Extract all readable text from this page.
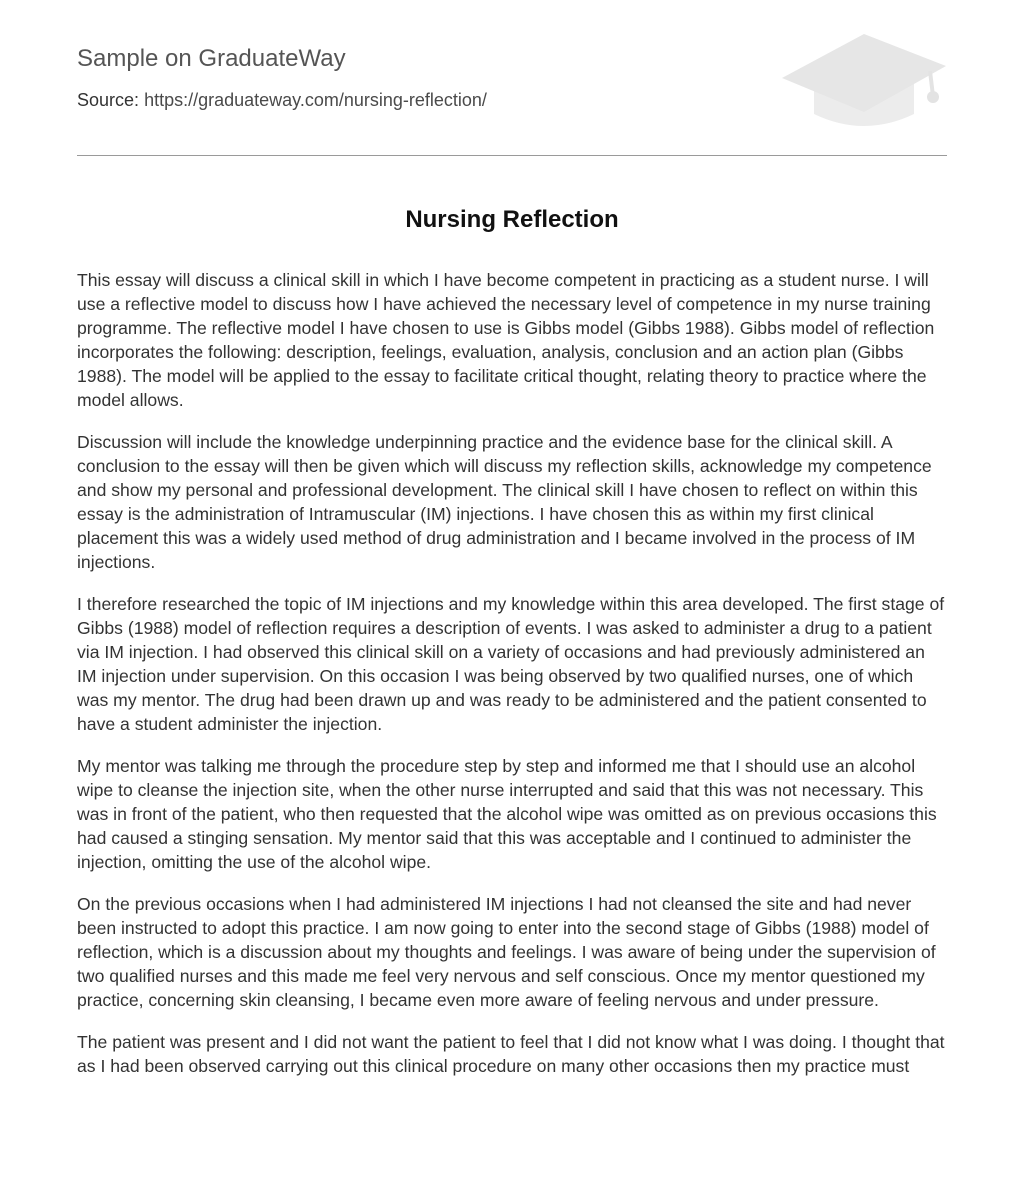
Sample on GraduateWay
Source: https://graduateway.com/nursing-reflection/
Nursing Reflection

This essay will discuss a clinical skill in which I have become competent in practicing as a student nurse. I will use a reflective model to discuss how I have achieved the necessary level of competence in my nurse training programme. The reflective model I have chosen to use is Gibbs model (Gibbs 1988). Gibbs model of reflection incorporates the following: description, feelings, evaluation, analysis, conclusion and an action plan (Gibbs 1988). The model will be applied to the essay to facilitate critical thought, relating theory to practice where the model allows.

Discussion will include the knowledge underpinning practice and the evidence base for the clinical skill. A conclusion to the essay will then be given which will discuss my reflection skills, acknowledge my competence and show my personal and professional development. The clinical skill I have chosen to reflect on within this essay is the administration of Intramuscular (IM) injections. I have chosen this as within my first clinical placement this was a widely used method of drug administration and I became involved in the process of IM injections.

I therefore researched the topic of IM injections and my knowledge within this area developed. The first stage of Gibbs (1988) model of reflection requires a description of events. I was asked to administer a drug to a patient via IM injection. I had observed this clinical skill on a variety of occasions and had previously administered an IM injection under supervision. On this occasion I was being observed by two qualified nurses, one of which was my mentor. The drug had been drawn up and was ready to be administered and the patient consented to have a student administer the injection.

My mentor was talking me through the procedure step by step and informed me that I should use an alcohol wipe to cleanse the injection site, when the other nurse interrupted and said that this was not necessary. This was in front of the patient, who then requested that the alcohol wipe was omitted as on previous occasions this had caused a stinging sensation. My mentor said that this was acceptable and I continued to administer the injection, omitting the use of the alcohol wipe.

On the previous occasions when I had administered IM injections I had not cleansed the site and had never been instructed to adopt this practice. I am now going to enter into the second stage of Gibbs (1988) model of reflection, which is a discussion about my thoughts and feelings. I was aware of being under the supervision of two qualified nurses and this made me feel very nervous and self conscious. Once my mentor questioned my practice, concerning skin cleansing, I became even more aware of feeling nervous and under pressure.

The patient was present and I did not want the patient to feel that I did not know what I was doing. I thought that as I had been observed carrying out this clinical procedure on many other occasions then my practice must
